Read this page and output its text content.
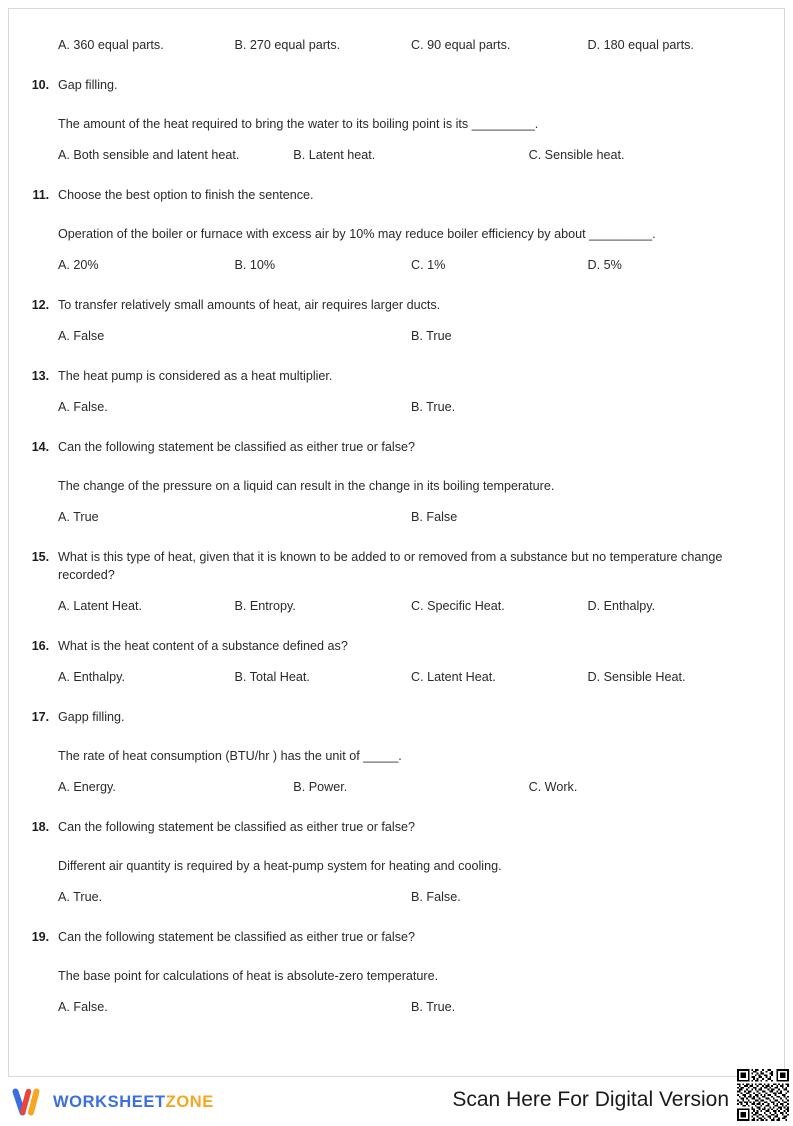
A. 360 equal parts.	B. 270 equal parts.	C. 90 equal parts.	D. 180 equal parts.
10. Gap filling.
The amount of the heat required to bring the water to its boiling point is its _________.
A. Both sensible and latent heat.	B. Latent heat.	C. Sensible heat.
11. Choose the best option to finish the sentence.
Operation of the boiler or furnace with excess air by 10% may reduce boiler efficiency by about _________.
A. 20%	B. 10%	C. 1%	D. 5%
12. To transfer relatively small amounts of heat, air requires larger ducts.
A. False	B. True
13. The heat pump is considered as a heat multiplier.
A. False.	B. True.
14. Can the following statement be classified as either true or false?
The change of the pressure on a liquid can result in the change in its boiling temperature.
A. True	B. False
15. What is this type of heat, given that it is known to be added to or removed from a substance but no temperature change recorded?
A. Latent Heat.	B. Entropy.	C. Specific Heat.	D. Enthalpy.
16. What is the heat content of a substance defined as?
A. Enthalpy.	B. Total Heat.	C. Latent Heat.	D. Sensible Heat.
17. Gapp filling.
The rate of heat consumption (BTU/hr ) has the unit of _____.
A. Energy.	B. Power.	C. Work.
18. Can the following statement be classified as either true or false?
Different air quantity is required by a heat-pump system for heating and cooling.
A. True.	B. False.
19. Can the following statement be classified as either true or false?
The base point for calculations of heat is absolute-zero temperature.
A. False.	B. True.
WORKSHEETZONE	Scan Here For Digital Version
